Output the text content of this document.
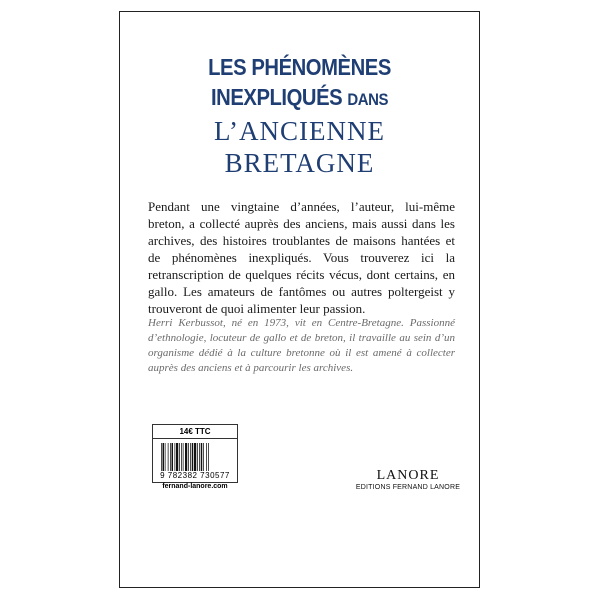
LES PHÉNOMÈNES
INEXPLIQUÉS DANS
L’ANCIENNE
BRETAGNE

Pendant une vingtaine d’années, l’auteur, lui-même breton, a collecté auprès des anciens, mais aussi dans les archives, des histoires troublantes de maisons hantées et de phénomènes inexpliqués. Vous trouverez ici la retranscription de quelques récits vécus, dont certains, en gallo. Les amateurs de fantômes ou autres poltergeist y trouveront de quoi alimenter leur passion.

Herri Kerbussot, né en 1973, vit en Centre-Bretagne. Passionné d’ethnologie, locuteur de gallo et de breton, il travaille au sein d’un organisme dédié à la culture bretonne où il est amené à collecter auprès des anciens et à parcourir les archives.

14€ TTC
9 782382 730577
fernand-lanore.com
LANORE
EDITIONS FERNAND LANORE
